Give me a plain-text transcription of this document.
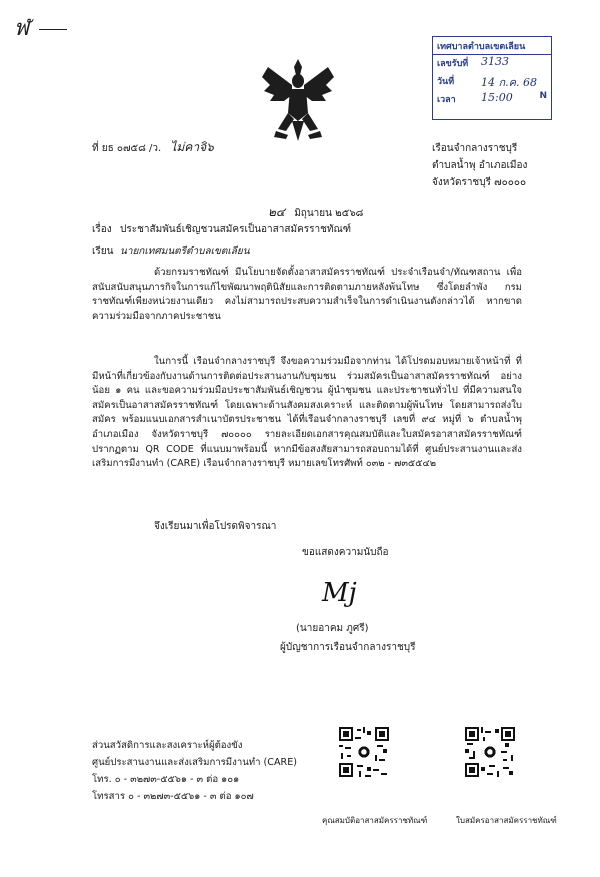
ฬ
เทศบาลตำบลเขตเลียน
เลขรับที่ 3133
วันที่ 14 ก.ค. 68
เวลา 15:00	N
ที่ ยธ ๐๗๕๘ /ว. ไม่คาจิ๖	เรือนจำกลางราชบุรี
ตำบลน้ำพุ อำเภอเมือง
จังหวัดราชบุรี ๗๐๐๐๐
๒๔ มิถุนายน ๒๕๖๘
เรื่อง ประชาสัมพันธ์เชิญชวนสมัครเป็นอาสาสมัครราชทัณฑ์
เรียน นายกเทศมนตรีตำบลเขตเลียน

ด้วยกรมราชทัณฑ์ มีนโยบายจัดตั้งอาสาสมัครราชทัณฑ์ ประจำเรือนจำ/ทัณฑสถาน เพื่อสนับสนับสนุนภารกิจในการแก้ไขพัฒนาพฤตินิสัยและการติดตามภายหลังพ้นโทษ ซึ่งโดยลำพัง กรมราชทัณฑ์เพียงหน่วยงานเดียว คงไม่สามารถประสบความสำเร็จในการดำเนินงานดังกล่าวได้ หากขาด ความร่วมมือจากภาคประชาชน

ในการนี้ เรือนจำกลางราชบุรี จึงขอความร่วมมือจากท่าน ได้โปรดมอบหมายเจ้าหน้าที่ ที่มีหน้าที่เกี่ยวข้องกับงานด้านการติดต่อประสานงานกับชุมชน ร่วมสมัครเป็นอาสาสมัครราชทัณฑ์ อย่างน้อย ๑ คน และขอความร่วมมือประชาสัมพันธ์เชิญชวน ผู้นำชุมชน และประชาชนทั่วไป ที่มีความสนใจ สมัครเป็นอาสาสมัครราชทัณฑ์ โดยเฉพาะด้านสังคมสงเคราะห์ และติดตามผู้พ้นโทษ โดยสามารถส่งใบสมัคร พร้อมแนบเอกสารสำเนาบัตรประชาชน ได้ที่เรือนจำกลางราชบุรี เลขที่ ๙๔ หมู่ที่ ๖ ตำบลน้ำพุ อำเภอเมือง จังหวัดราชบุรี ๗๐๐๐๐ รายละเอียดเอกสารคุณสมบัติและใบสมัครอาสาสมัครราชทัณฑ์ ปรากฏตาม QR CODE ที่แนบมาพร้อมนี้ หากมีข้อสงสัยสามารถสอบถามได้ที่ ศูนย์ประสานงานและส่งเสริมการมีงานทำ (CARE) เรือนจำกลางราชบุรี หมายเลขโทรศัพท์ ๐๓๒ - ๗๓๕๕๔๒

จึงเรียนมาเพื่อโปรดพิจารณา
ขอแสดงความนับถือ
Mj
(นายอาคม ภูศรี)
ผู้บัญชาการเรือนจำกลางราชบุรี
ส่วนสวัสดิการและสงเคราะห์ผู้ต้องขัง
ศูนย์ประสานงานและส่งเสริมการมีงานทำ (CARE)
โทร. ๐ - ๓๒๗๓-๕๕๖๑ - ๓ ต่อ ๑๐๑
โทรสาร ๐ - ๓๒๗๓-๕๕๖๑ - ๓ ต่อ ๑๐๗
คุณสมบัติอาสาสมัครราชทัณฑ์	ใบสมัครอาสาสมัครราชทัณฑ์
